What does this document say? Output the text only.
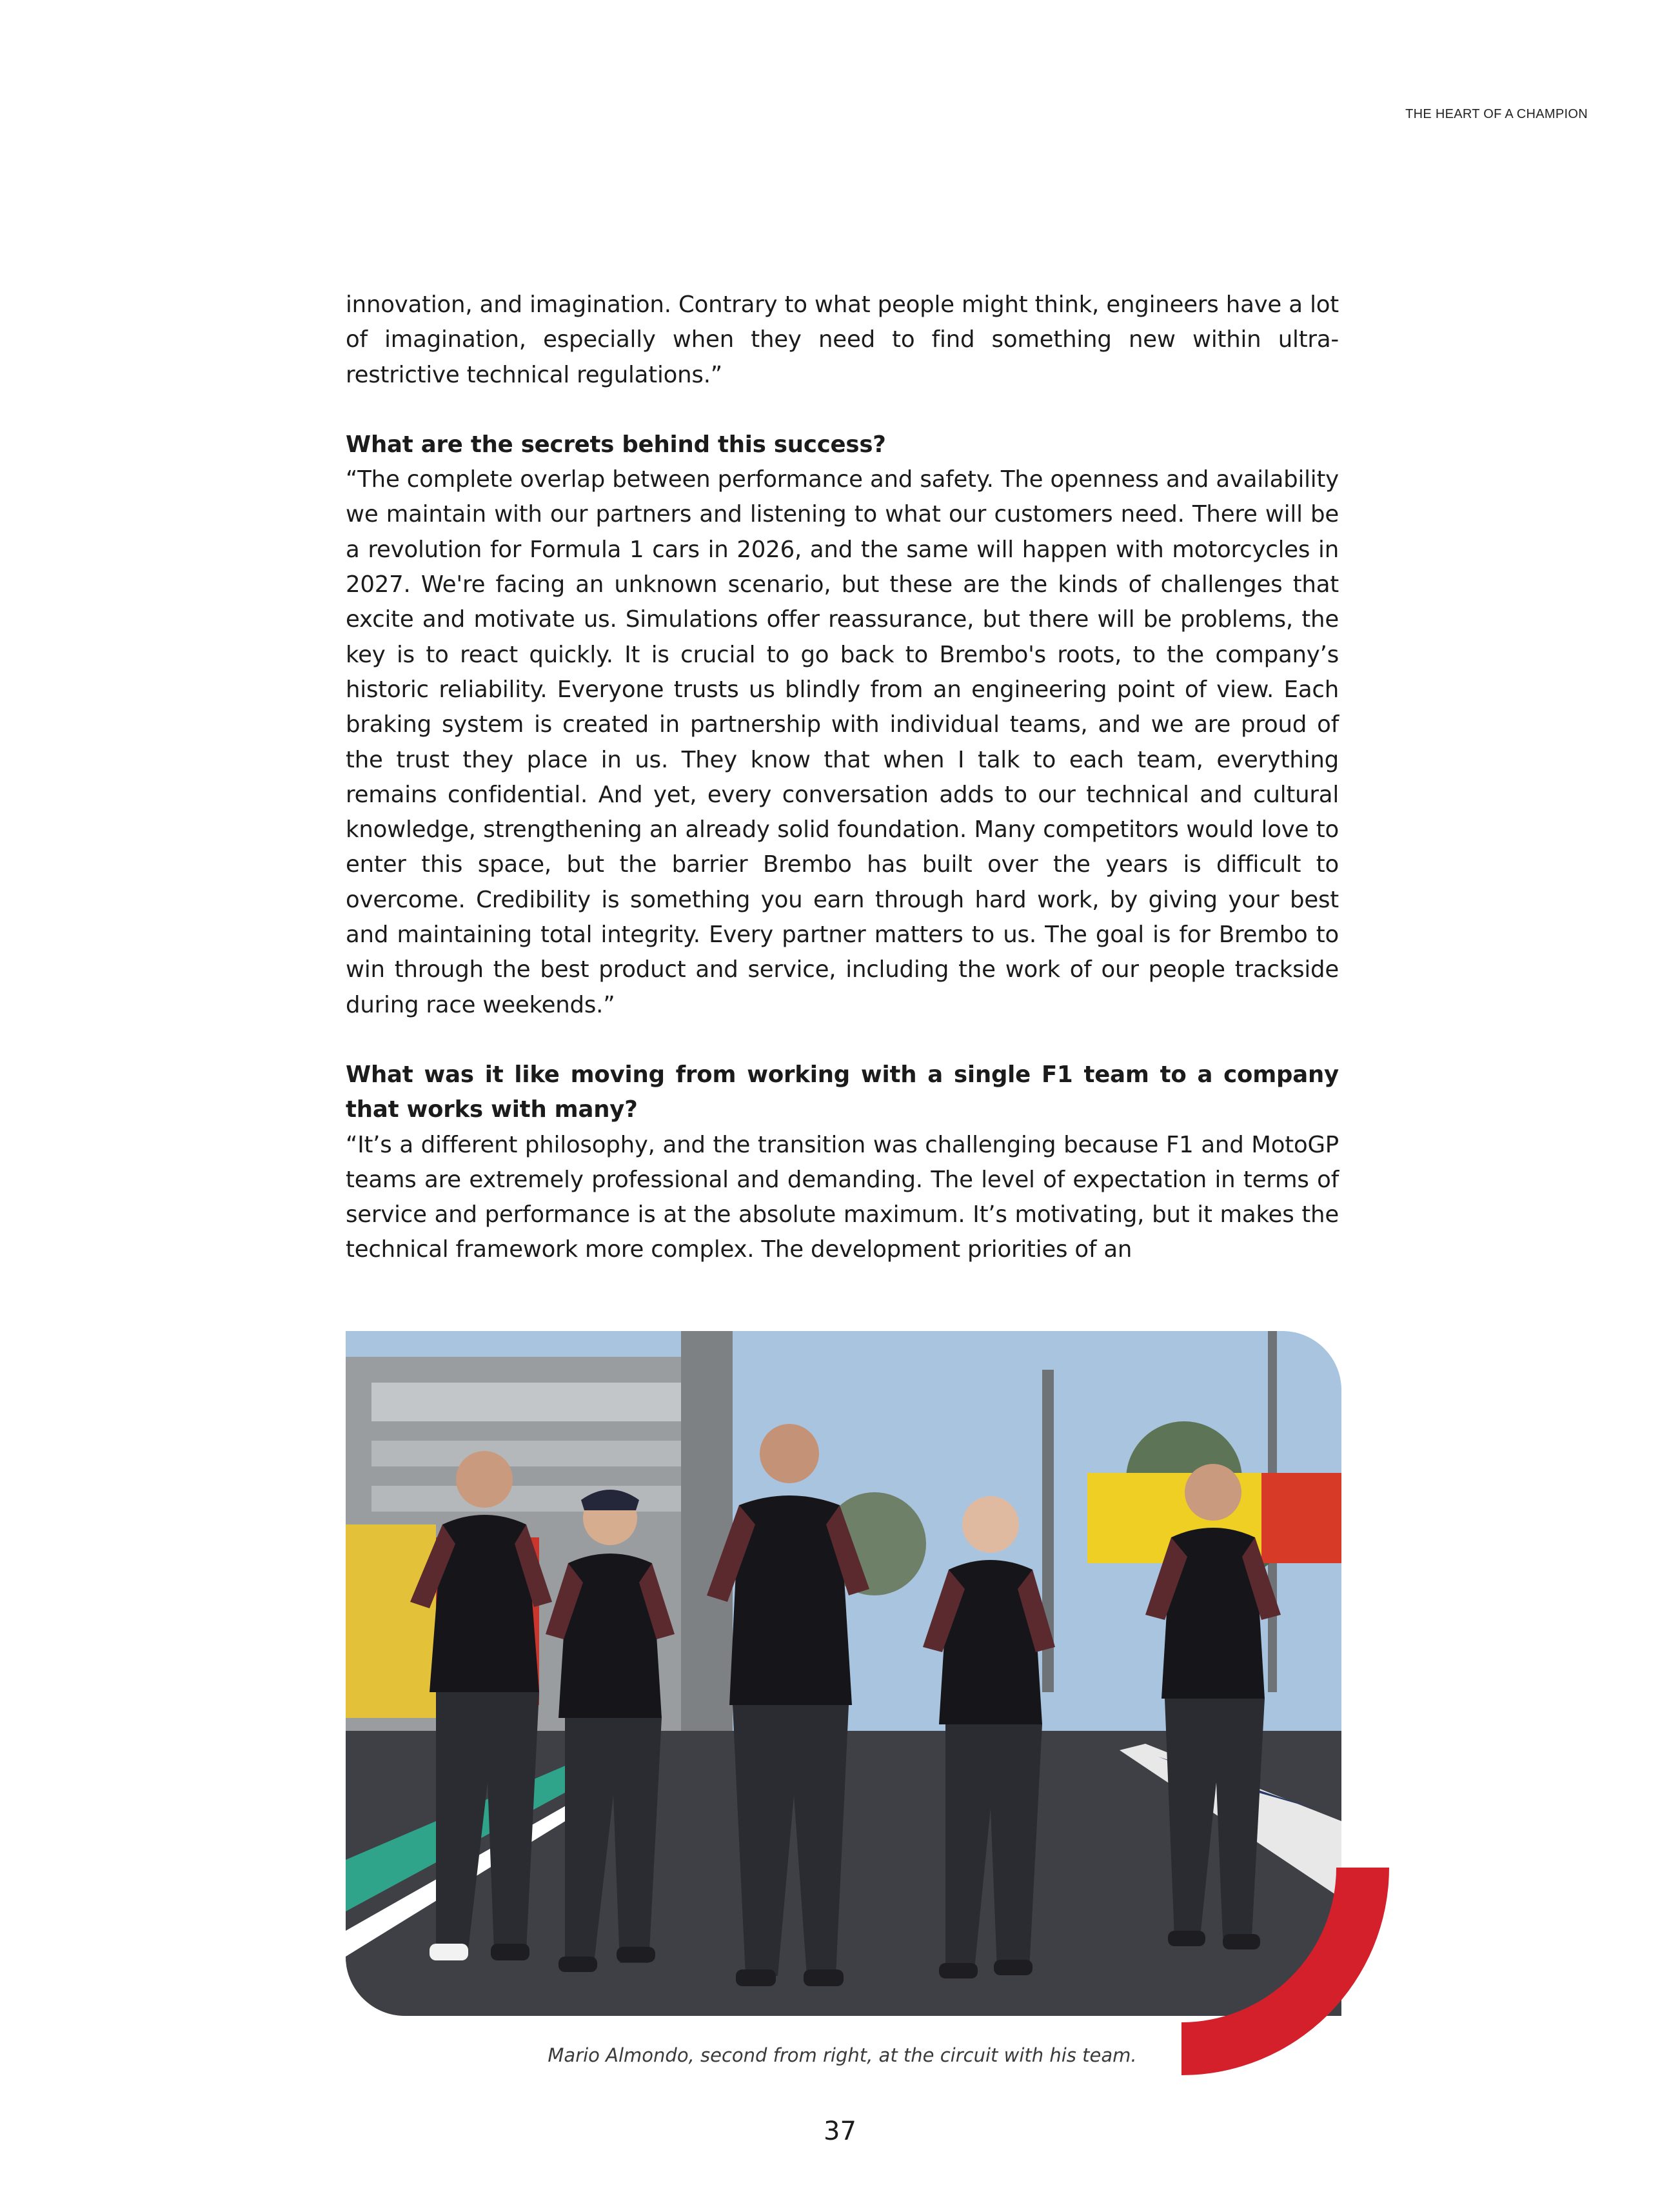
THE HEART OF A CHAMPION

innovation, and imagination. Contrary to what people might think, engineers have a lot of imagination, especially when they need to find something new within ultra-restrictive technical regulations.”

What are the secrets behind this success?

“The complete overlap between performance and safety. The openness and availability we maintain with our partners and listening to what our customers need. There will be a revolution for Formula 1 cars in 2026, and the same will happen with motorcycles in 2027. We're facing an unknown scenario, but these are the kinds of challenges that excite and motivate us. Simulations offer reassurance, but there will be problems, the key is to react quickly. It is crucial to go back to Brembo's roots, to the company’s historic reliability. Everyone trusts us blindly from an engineering point of view. Each braking system is created in partnership with individual teams, and we are proud of the trust they place in us. They know that when I talk to each team, everything remains confidential. And yet, every conversation adds to our technical and cultural knowledge, strengthening an already solid foundation. Many competitors would love to enter this space, but the barrier Brembo has built over the years is difficult to overcome. Credibility is something you earn through hard work, by giving your best and maintaining total integrity. Every partner matters to us. The goal is for Brembo to win through the best product and service, including the work of our people trackside during race weekends.”

What was it like moving from working with a single F1 team to a company that works with many?

“It’s a different philosophy, and the transition was challenging because F1 and MotoGP teams are extremely professional and demanding. The level of expectation in terms of service and performance is at the absolute maximum. It’s motivating, but it makes the technical framework more complex. The development priorities of an

Mario Almondo, second from right, at the circuit with his team.
37
